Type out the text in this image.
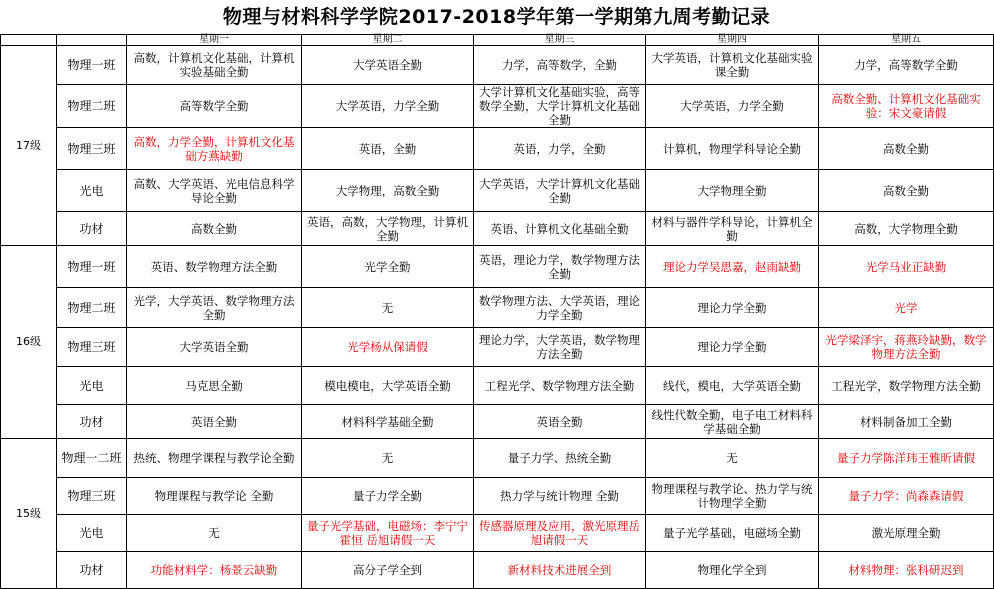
物理与材料科学学院2017-2018学年第一学期第九周考勤记录
		星期一	星期二	星期三	星期四	星期五
17级	物理一班	高数，计算机文化基础，计算机实验基础全勤	大学英语全勤	力学，高等数学，全勤	大学英语，计算机文化基础实验课全勤	力学，高等数学全勤
	物理二班	高等数学全勤	大学英语，力学全勤	大学计算机文化基础实验，高等数学全勤，大学计算机文化基础全勤	大学英语，力学全勤	高数全勤、计算机文化基础实验：宋文豪请假
	物理三班	高数，力学全勤，计算机文化基础方燕缺勤	英语，全勤	英语，力学，全勤	计算机，物理学科导论全勤	高数全勤
	光电	高数、大学英语、光电信息科学导论全勤	大学物理，高数全勤	大学英语，大学计算机文化基础全勤	大学物理全勤	高数全勤
	功材	高数全勤	英语，高数，大学物理，计算机全勤	英语、计算机文化基础全勤	材料与器件学科导论，计算机全勤	高数，大学物理全勤
16级	物理一班	英语、数学物理方法全勤	光学全勤	英语，理论力学，数学物理方法全勤	理论力学吴思嘉，赵雨缺勤	光学马业正缺勤
	物理二班	光学，大学英语、数学物理方法全勤	无	数学物理方法、大学英语，理论力学全勤	理论力学全勤	光学
	物理三班	大学英语全勤	光学杨从保请假	理论力学，大学英语，数学物理方法全勤	理论力学全勤	光学梁泽宇，蒋燕玲缺勤，数学物理方法全勤
	光电	马克思全勤	模电模电，大学英语全勤	工程光学、数学物理方法全勤	线代，模电，大学英语全勤	工程光学，数学物理方法全勤
	功材	英语全勤	材料科学基础全勤	英语全勤	线性代数全勤，电子电工材料科学基础全勤	材料制备加工全勤
15级	物理一二班	热统、物理学课程与教学论全勤	无	量子力学、热统全勤	无	量子力学陈洋玮王雅昕请假
	物理三班	物理课程与教学论 全勤	量子力学全勤	热力学与统计物理 全勤	物理课程与教学论、热力学与统计物理学全勤	量子力学：尚森森请假
	光电	无	量子光学基础，电磁场：李宁宁 霍恒 岳旭请假一天	传感器原理及应用，激光原理岳旭请假一天	量子光学基础，电磁场全勤	激光原理全勤
	功材	功能材料学：杨景云缺勤	高分子学全到	新材料技术进展全到	物理化学全到	材料物理：张科研迟到
